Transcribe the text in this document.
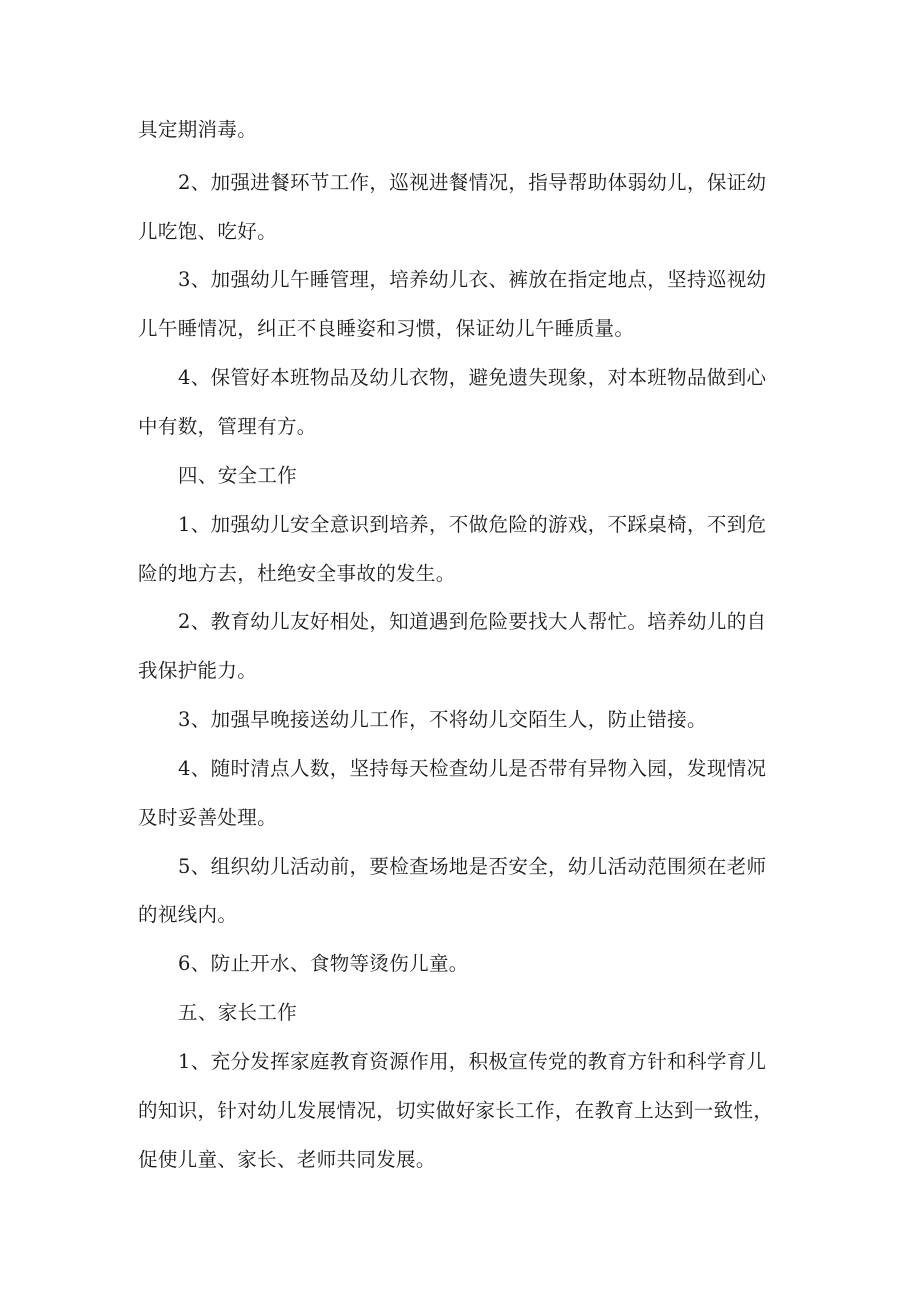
具定期消毒。
2、加强进餐环节工作，巡视进餐情况，指导帮助体弱幼儿，保证幼
儿吃饱、吃好。
3、加强幼儿午睡管理，培养幼儿衣、裤放在指定地点，坚持巡视幼
儿午睡情况，纠正不良睡姿和习惯，保证幼儿午睡质量。
4、保管好本班物品及幼儿衣物，避免遗失现象，对本班物品做到心
中有数，管理有方。
四、安全工作
1、加强幼儿安全意识到培养，不做危险的游戏，不踩桌椅，不到危
险的地方去，杜绝安全事故的发生。
2、教育幼儿友好相处，知道遇到危险要找大人帮忙。培养幼儿的自
我保护能力。
3、加强早晚接送幼儿工作，不将幼儿交陌生人，防止错接。
4、随时清点人数，坚持每天检查幼儿是否带有异物入园，发现情况
及时妥善处理。
5、组织幼儿活动前，要检查场地是否安全，幼儿活动范围须在老师
的视线内。
6、防止开水、食物等烫伤儿童。
五、家长工作
1、充分发挥家庭教育资源作用，积极宣传党的教育方针和科学育儿
的知识，针对幼儿发展情况，切实做好家长工作，在教育上达到一致性，
促使儿童、家长、老师共同发展。
